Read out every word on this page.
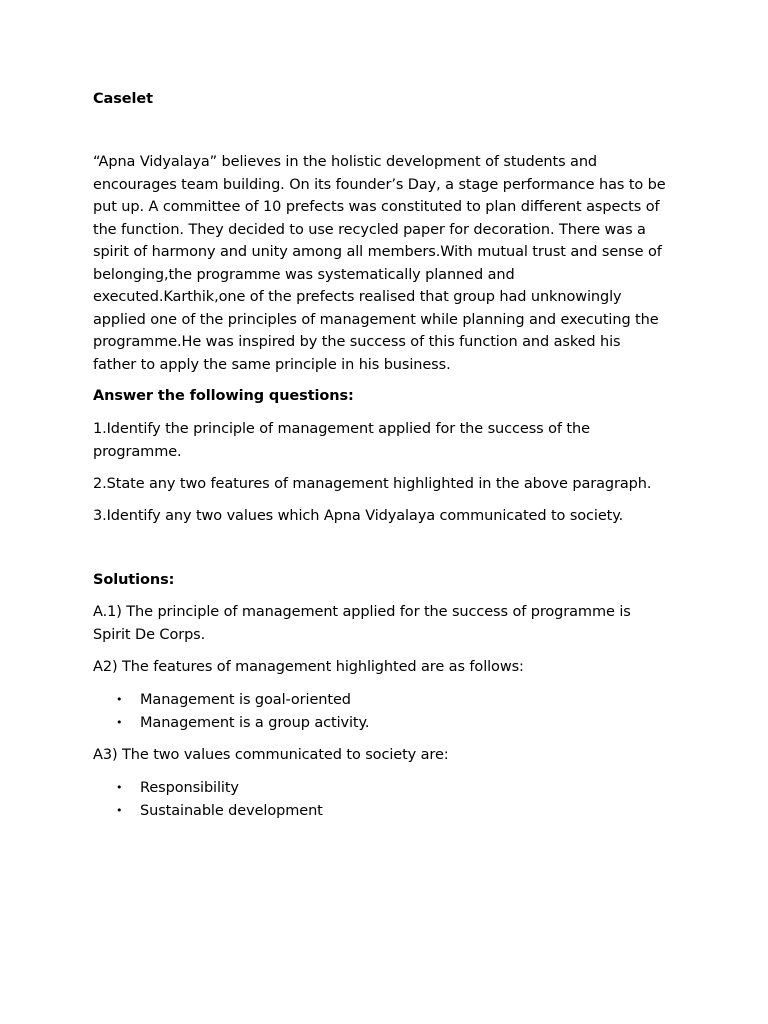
Caselet
“Apna Vidyalaya” believes in the holistic development of students and
encourages team building. On its founder’s Day, a stage performance has to be
put up. A committee of 10 prefects was constituted to plan different aspects of
the function. They decided to use recycled paper for decoration. There was a
spirit of harmony and unity among all members.With mutual trust and sense of
belonging,the programme was systematically planned and
executed.Karthik,one of the prefects realised that group had unknowingly
applied one of the principles of management while planning and executing the
programme.He was inspired by the success of this function and asked his
father to apply the same principle in his business.
Answer the following questions:
1.Identify the principle of management applied for the success of the
programme.
2.State any two features of management highlighted in the above paragraph.
3.Identify any two values which Apna Vidyalaya communicated to society.
Solutions:
A.1) The principle of management applied for the success of programme is
Spirit De Corps.
A2) The features of management highlighted are as follows:
• Management is goal-oriented
• Management is a group activity.
A3) The two values communicated to society are:
• Responsibility
• Sustainable development
